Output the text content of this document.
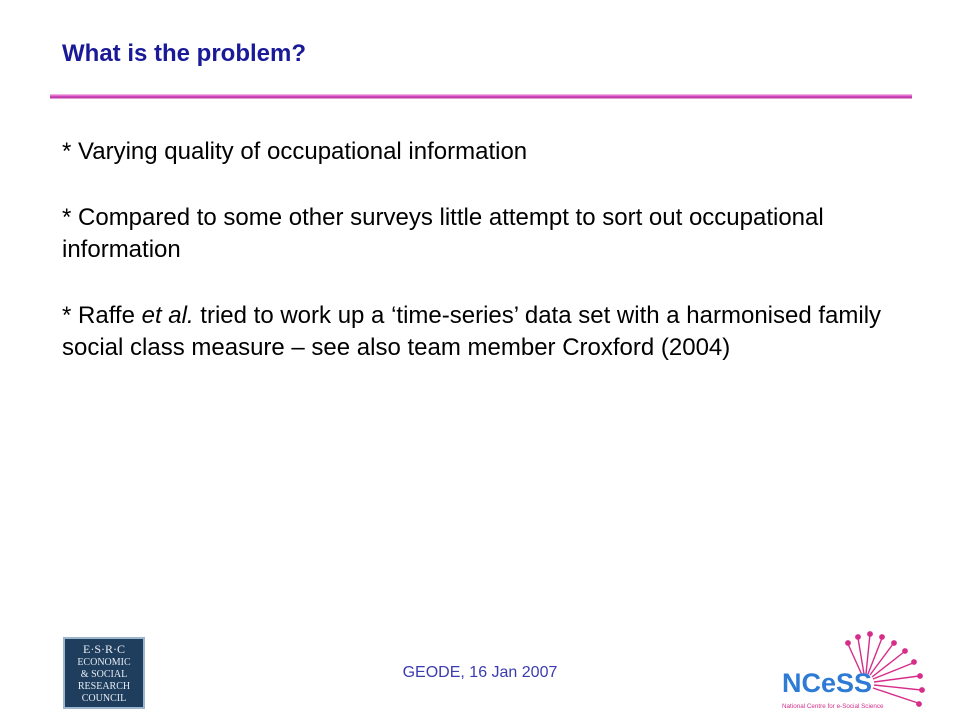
What is the problem?

* Varying quality of occupational information

* Compared to some other surveys little attempt to sort out occupational information

* Raffe et al. tried to work up a ‘time-series’ data set with a harmonised family social class measure – see also team member Croxford (2004)

GEODE, 16 Jan 2007
E·S·R·C
ECONOMIC
& SOCIAL
RESEARCH
COUNCIL
NCeSS
National Centre for e-Social Science
